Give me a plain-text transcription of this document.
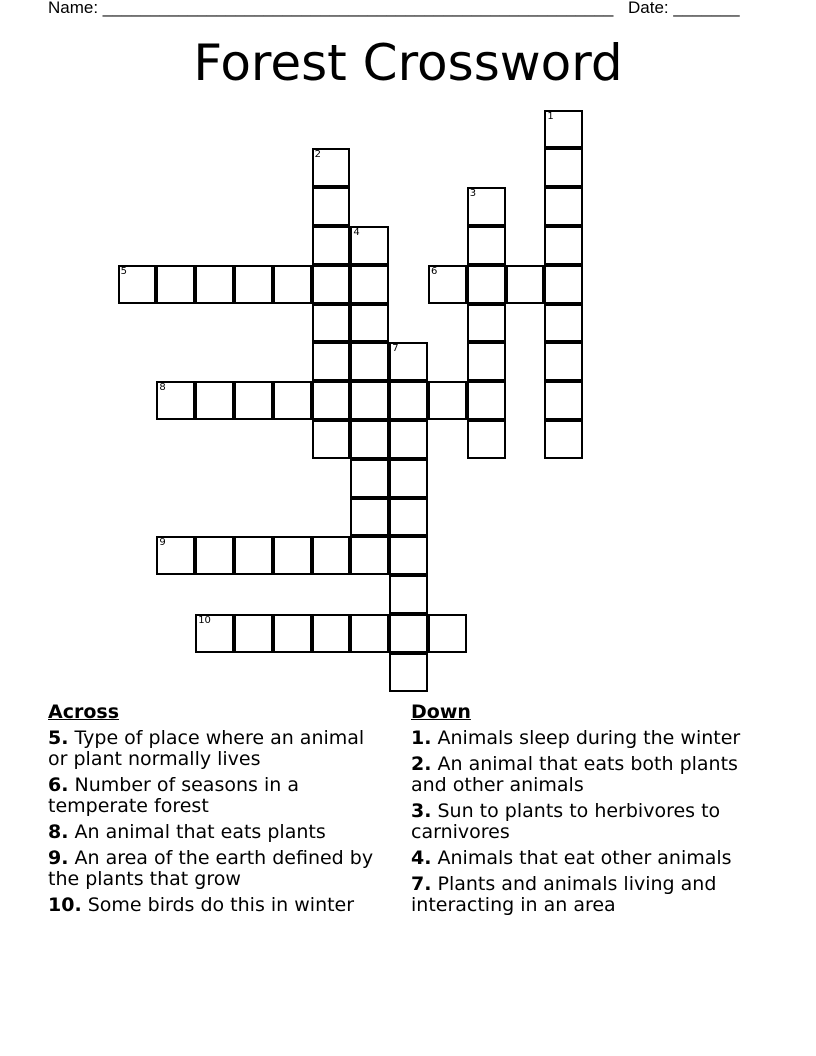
Name: ______________________________________________________ Date: _______
Forest Crossword
1
2
3
4
5	6
7
8
9
10
Across
5. Type of place where an animal or plant normally lives
6. Number of seasons in a temperate forest
8. An animal that eats plants
9. An area of the earth defined by the plants that grow
10. Some birds do this in winter
Down
1. Animals sleep during the winter
2. An animal that eats both plants and other animals
3. Sun to plants to herbivores to carnivores
4. Animals that eat other animals
7. Plants and animals living and interacting in an area
